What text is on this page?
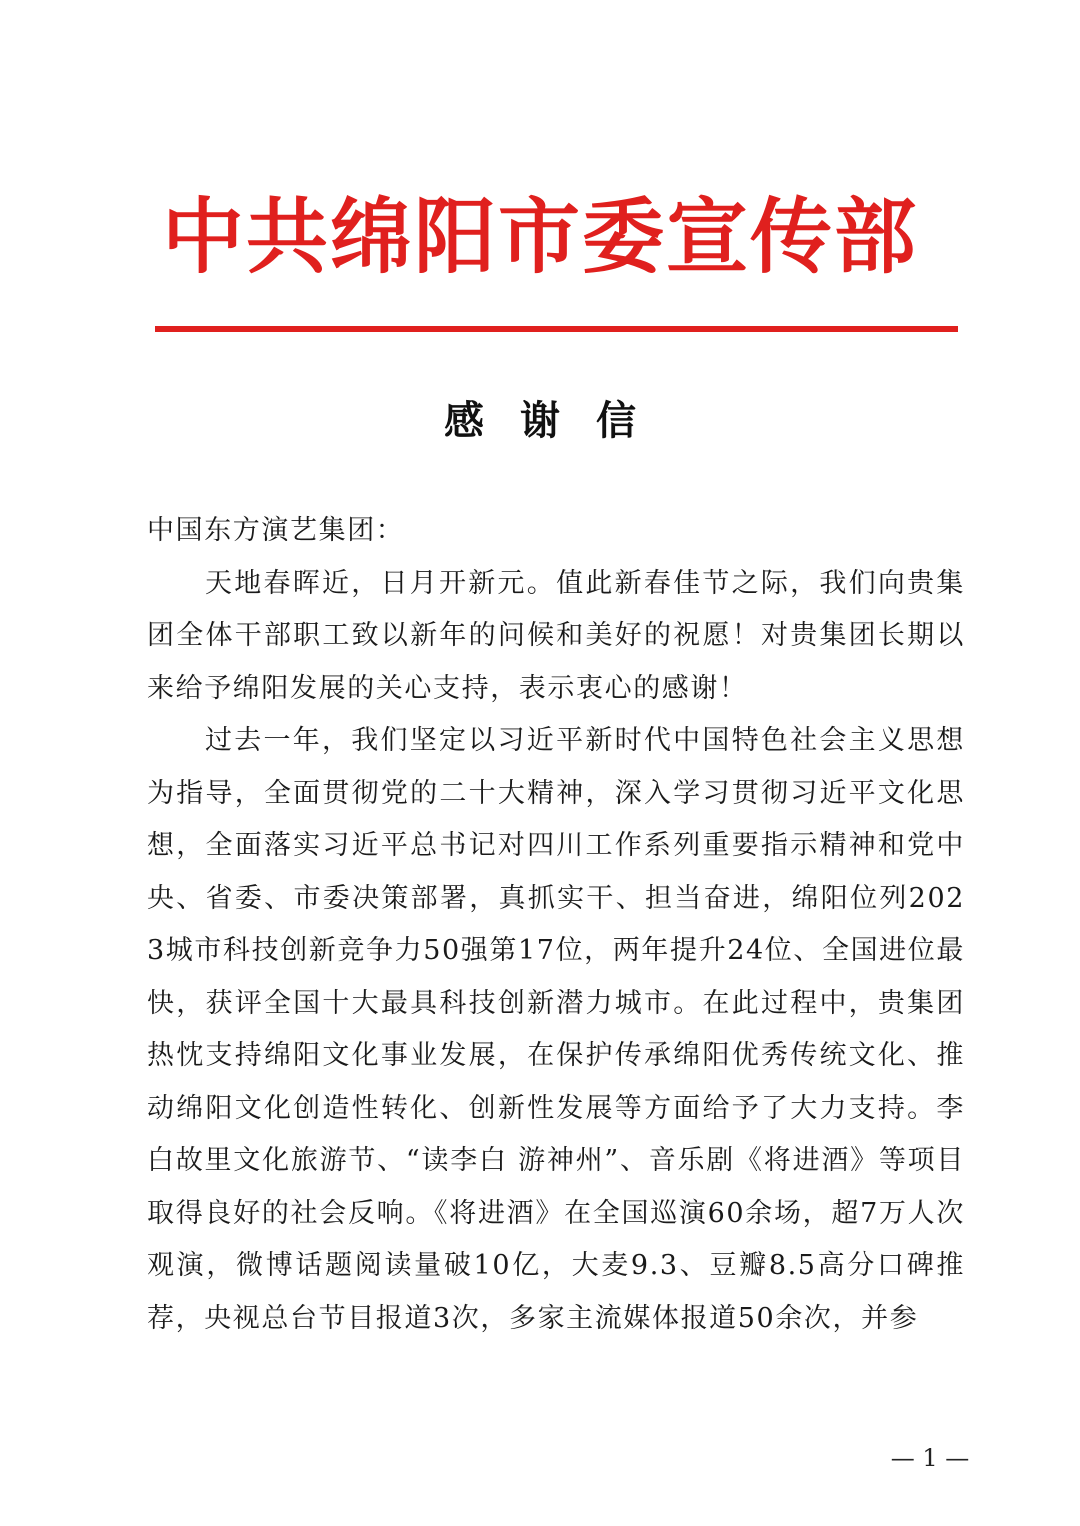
中共绵阳市委宣传部
感谢信

中国东方演艺集团：

天地春晖近，日月开新元。值此新春佳节之际，我们向贵集团全体干部职工致以新年的问候和美好的祝愿！对贵集团长期以来给予绵阳发展的关心支持，表示衷心的感谢！

过去一年，我们坚定以习近平新时代中国特色社会主义思想为指导，全面贯彻党的二十大精神，深入学习贯彻习近平文化思想，全面落实习近平总书记对四川工作系列重要指示精神和党中央、省委、市委决策部署，真抓实干、担当奋进，绵阳位列2023城市科技创新竞争力50强第17位，两年提升24位、全国进位最快，获评全国十大最具科技创新潜力城市。在此过程中，贵集团热忱支持绵阳文化事业发展，在保护传承绵阳优秀传统文化、推动绵阳文化创造性转化、创新性发展等方面给予了大力支持。李白故里文化旅游节、“读李白 游神州”、音乐剧《将进酒》等项目取得良好的社会反响。《将进酒》在全国巡演60余场，超7万人次观演，微博话题阅读量破10亿，大麦9.3、豆瓣8.5高分口碑推荐，央视总台节目报道3次，多家主流媒体报道50余次，并参

— 1 —
